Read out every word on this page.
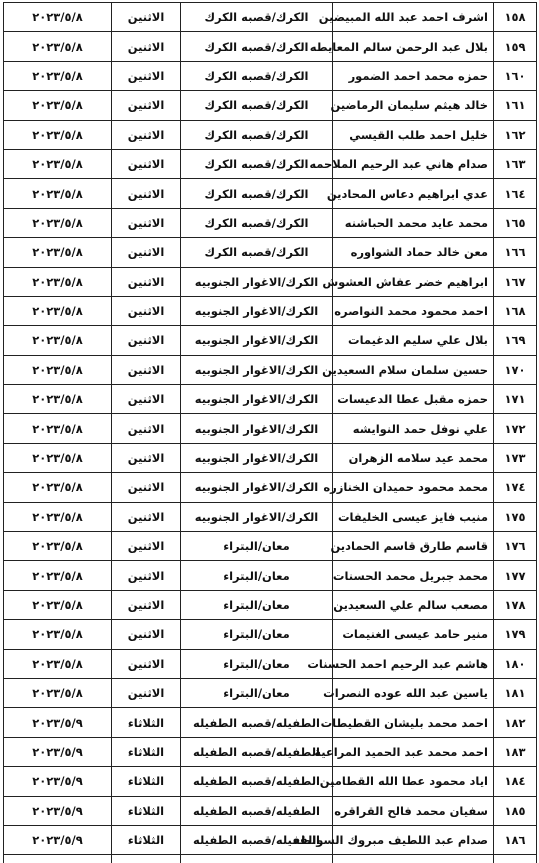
١٥٨	اشرف احمد عبد الله المبيضين	الكرك/قصبه الكرك	الاثنين	٢٠٢٣/٥/٨
١٥٩	بلال عبد الرحمن سالم المعايطه	الكرك/قصبه الكرك	الاثنين	٢٠٢٣/٥/٨
١٦٠	حمزه محمد احمد الضمور	الكرك/قصبه الكرك	الاثنين	٢٠٢٣/٥/٨
١٦١	خالد هيثم سليمان الرماضين	الكرك/قصبه الكرك	الاثنين	٢٠٢٣/٥/٨
١٦٢	خليل احمد طلب القيسي	الكرك/قصبه الكرك	الاثنين	٢٠٢٣/٥/٨
١٦٣	صدام هاني عبد الرحيم الملاحمه	الكرك/قصبه الكرك	الاثنين	٢٠٢٣/٥/٨
١٦٤	عدي ابراهيم دعاس المحادين	الكرك/قصبه الكرك	الاثنين	٢٠٢٣/٥/٨
١٦٥	محمد عايد محمد الحباشنه	الكرك/قصبه الكرك	الاثنين	٢٠٢٣/٥/٨
١٦٦	معن خالد حماد الشواوره	الكرك/قصبه الكرك	الاثنين	٢٠٢٣/٥/٨
١٦٧	ابراهيم خضر عفاش العشوش	الكرك/الاغوار الجنوبيه	الاثنين	٢٠٢٣/٥/٨
١٦٨	احمد محمود محمد النواصره	الكرك/الاغوار الجنوبيه	الاثنين	٢٠٢٣/٥/٨
١٦٩	بلال علي سليم الدغيمات	الكرك/الاغوار الجنوبيه	الاثنين	٢٠٢٣/٥/٨
١٧٠	حسين سلمان سلام السعيدين	الكرك/الاغوار الجنوبيه	الاثنين	٢٠٢٣/٥/٨
١٧١	حمزه مقبل عطا الدعيسات	الكرك/الاغوار الجنوبيه	الاثنين	٢٠٢٣/٥/٨
١٧٢	علي نوفل حمد النوايشه	الكرك/الاغوار الجنوبيه	الاثنين	٢٠٢٣/٥/٨
١٧٣	محمد عيد سلامه الزهران	الكرك/الاغوار الجنوبيه	الاثنين	٢٠٢٣/٥/٨
١٧٤	محمد محمود حميدان الخنازره	الكرك/الاغوار الجنوبيه	الاثنين	٢٠٢٣/٥/٨
١٧٥	منيب فايز عيسى الخليفات	الكرك/الاغوار الجنوبيه	الاثنين	٢٠٢٣/٥/٨
١٧٦	قاسم طارق قاسم الحمادين	معان/البتراء	الاثنين	٢٠٢٣/٥/٨
١٧٧	محمد جبريل محمد الحسنات	معان/البتراء	الاثنين	٢٠٢٣/٥/٨
١٧٨	مصعب سالم علي السعيدين	معان/البتراء	الاثنين	٢٠٢٣/٥/٨
١٧٩	منير حامد عيسى الغنيمات	معان/البتراء	الاثنين	٢٠٢٣/٥/٨
١٨٠	هاشم عبد الرحيم احمد الحسنات	معان/البتراء	الاثنين	٢٠٢٣/٥/٨
١٨١	ياسين عبد الله عوده النصرات	معان/البتراء	الاثنين	٢٠٢٣/٥/٨
١٨٢	احمد محمد بليشان القطيطات	الطفيله/قصبه الطفيله	الثلاثاء	٢٠٢٣/٥/٩
١٨٣	احمد محمد عبد الحميد المراعية	الطفيله/قصبه الطفيله	الثلاثاء	٢٠٢٣/٥/٩
١٨٤	اياد محمود عطا الله القطامين	الطفيله/قصبه الطفيله	الثلاثاء	٢٠٢٣/٥/٩
١٨٥	سفيان محمد فالح القراقره	الطفيله/قصبه الطفيله	الثلاثاء	٢٠٢٣/٥/٩
١٨٦	صدام عبد اللطيف مبروك السوالقه	الطفيله/قصبه الطفيله	الثلاثاء	٢٠٢٣/٥/٩
